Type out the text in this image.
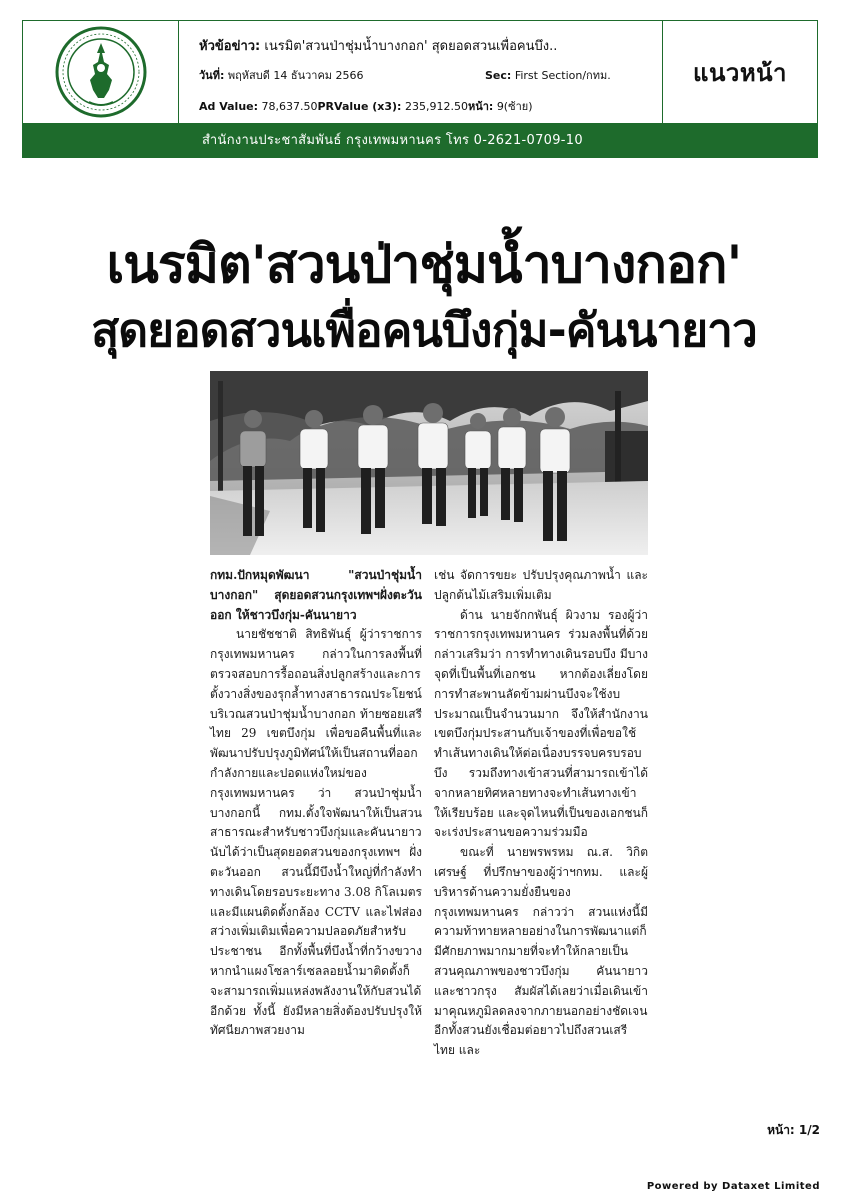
หัวข้อข่าว: เนรมิต'สวนป่าชุ่มน้ำบางกอก' สุดยอดสวนเพื่อคนบึง..
วันที่: พฤหัสบดี 14 ธันวาคม 2566	Sec: First Section/กทม.
Ad Value: 78,637.50PRValue (x3): 235,912.50หน้า: 9(ซ้าย)
แนวหน้า
สำนักงานประชาสัมพันธ์ กรุงเทพมหานคร โทร 0-2621-0709-10
เนรมิต'สวนป่าชุ่มน้ำบางกอก'
สุดยอดสวนเพื่อคนบึงกุ่ม-คันนายาว

กทม.ปักหมุดพัฒนา "สวนป่าชุ่มน้ำบางกอก" สุดยอดสวนกรุงเทพฯฝั่งตะวันออก ให้ชาวบึงกุ่ม-คันนายาว

นายชัชชาติ สิทธิพันธุ์ ผู้ว่าราชการกรุงเทพมหานคร กล่าวในการลงพื้นที่ตรวจสอบการรื้อถอนสิ่งปลูกสร้างและการตั้งวางสิ่งของรุกล้ำทางสาธารณประโยชน์ บริเวณสวนป่าชุ่มน้ำบางกอก ท้ายซอยเสรีไทย 29 เขตบึงกุ่ม เพื่อขอคืนพื้นที่และพัฒนาปรับปรุงภูมิทัศน์ให้เป็นสถานที่ออกกำลังกายและปอดแห่งใหม่ของกรุงเทพมหานคร ว่า สวนป่าชุ่มน้ำบางกอกนี้ กทม.ตั้งใจพัฒนาให้เป็นสวนสาธารณะสำหรับชาวบึงกุ่มและคันนายาว นับได้ว่าเป็นสุดยอดสวนของกรุงเทพฯ ฝั่งตะวันออก สวนนี้มีบึงน้ำใหญ่ที่กำลังทำทางเดินโดยรอบระยะทาง 3.08 กิโลเมตร และมีแผนติดตั้งกล้อง CCTV และไฟส่องสว่างเพิ่มเติมเพื่อความปลอดภัยสำหรับประชาชน อีกทั้งพื้นที่บึงน้ำที่กว้างขวาง หากนำแผงโซลาร์เซลลอยน้ำมาติดตั้งก็จะสามารถเพิ่มแหล่งพลังงานให้กับสวนได้อีกด้วย ทั้งนี้ ยังมีหลายสิ่งต้องปรับปรุงให้ทัศนียภาพสวยงาม

เช่น จัดการขยะ ปรับปรุงคุณภาพน้ำ และปลูกต้นไม้เสริมเพิ่มเติม

ด้าน นายจักกพันธุ์ ผิวงาม รองผู้ว่าราชการกรุงเทพมหานคร ร่วมลงพื้นที่ด้วย กล่าวเสริมว่า การทำทางเดินรอบบึง มีบางจุดที่เป็นพื้นที่เอกชน หากต้องเลี่ยงโดยการทำสะพานลัดข้ามผ่านบึงจะใช้งบประมาณเป็นจำนวนมาก จึงให้สำนักงานเขตบึงกุ่มประสานกับเจ้าของที่เพื่อขอใช้ทำเส้นทางเดินให้ต่อเนื่องบรรจบครบรอบบึง รวมถึงทางเข้าสวนที่สามารถเข้าได้จากหลายทิศหลายทางจะทำเส้นทางเข้าให้เรียบร้อย และจุดไหนที่เป็นของเอกชนก็จะเร่งประสานขอความร่วมมือ

ขณะที่ นายพรพรหม ณ.ส. วิกิตเศรษฐ์ ที่ปรึกษาของผู้ว่าฯกทม. และผู้บริหารด้านความยั่งยืนของกรุงเทพมหานคร กล่าวว่า สวนแห่งนี้มีความท้าทายหลายอย่างในการพัฒนาแต่ก็มีศักยภาพมากมายที่จะทำให้กลายเป็นสวนคุณภาพของชาวบึงกุ่ม คันนายาว และชาวกรุง สัมผัสได้เลยว่าเมื่อเดินเข้ามาคุณหภูมิลดลงจากภายนอกอย่างชัดเจน อีกทั้งสวนยังเชื่อมต่อยาวไปถึงสวนเสรีไทย และ

หน้า: 1/2
Powered by Dataxet Limited
